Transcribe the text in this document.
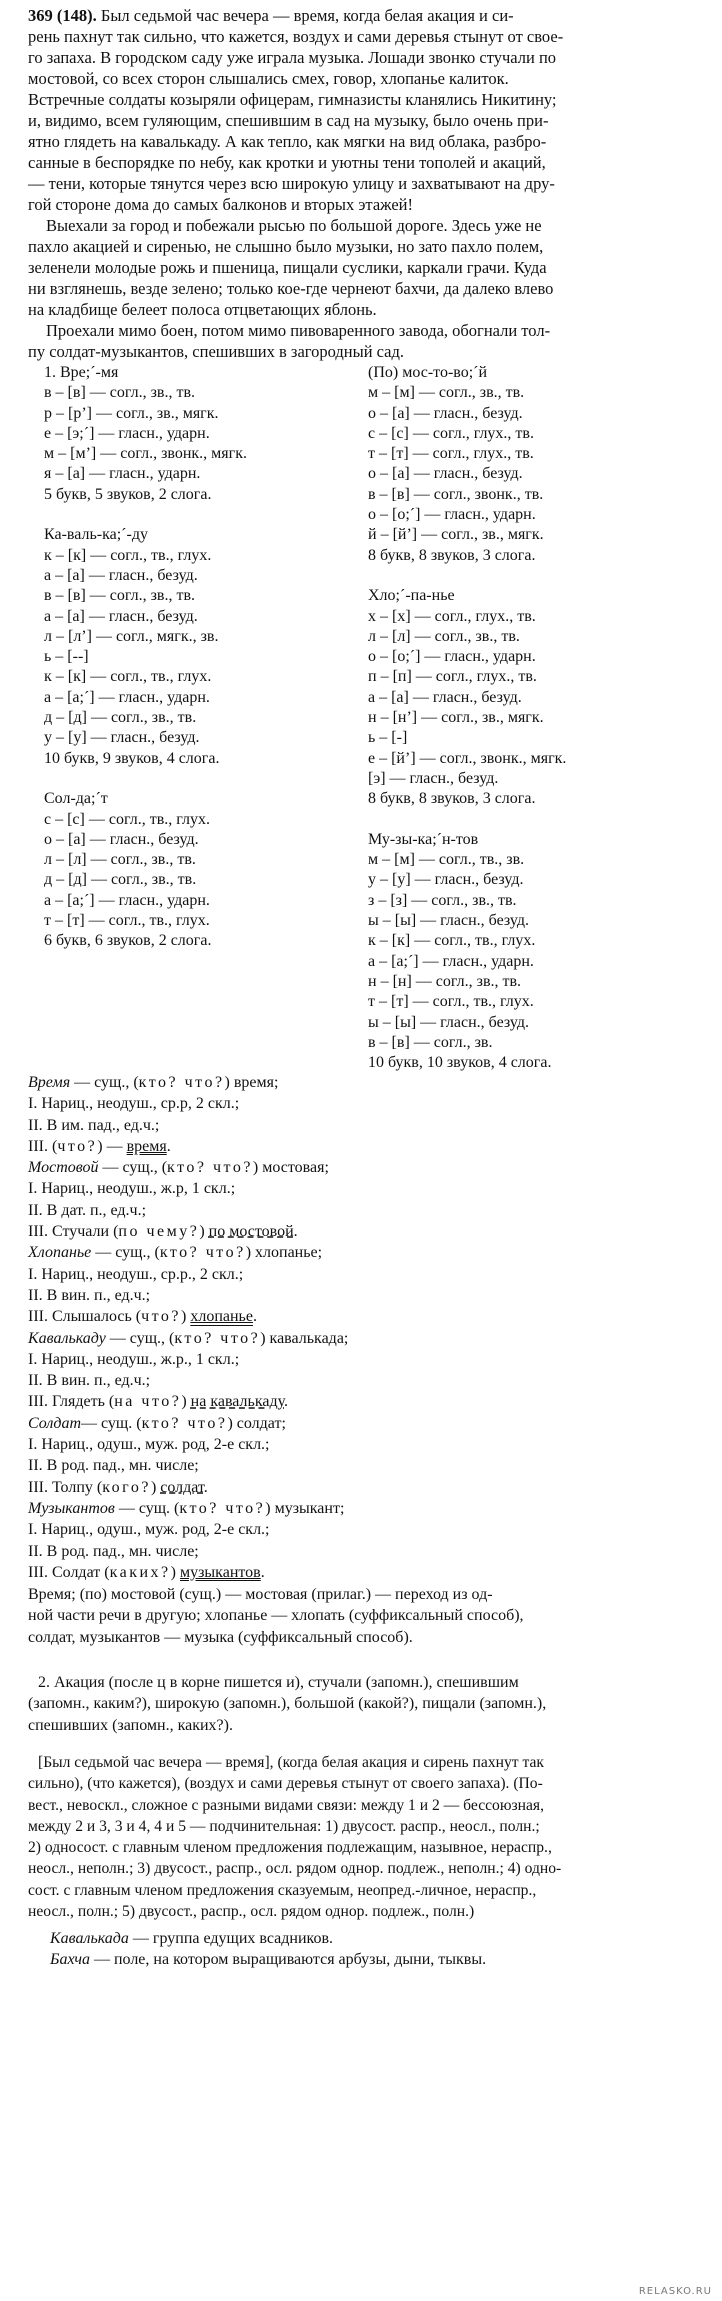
369 (148). Был седьмой час вечера — время, когда белая акация и си-
рень пахнут так сильно, что кажется, воздух и сами деревья стынут от свое-
го запаха. В городском саду уже играла музыка. Лошади звонко стучали по
мостовой, со всех сторон слышались смех, говор, хлопанье калиток.
Встречные солдаты козыряли офицерам, гимназисты кланялись Никитину;
и, видимо, всем гуляющим, спешившим в сад на музыку, было очень при-
ятно глядеть на кавалькаду. А как тепло, как мягки на вид облака, разбро-
санные в беспорядке по небу, как кротки и уютны тени тополей и акаций,
— тени, которые тянутся через всю широкую улицу и захватывают на дру-
гой стороне дома до самых балконов и вторых этажей!
Выехали за город и побежали рысью по большой дороге. Здесь уже не
пахло акацией и сиренью, не слышно было музыки, но зато пахло полем,
зеленели молодые рожь и пшеница, пищали суслики, каркали грачи. Куда
ни взглянешь, везде зелено; только кое-где чернеют бахчи, да далеко влево
на кладбище белеет полоса отцветающих яблонь.
Проехали мимо боен, потом мимо пивоваренного завода, обогнали тол-
пу солдат-музыкантов, спешивших в загородный сад.
1. Вре;´-мя
в – [в] — согл., зв., тв.
р – [р’] — согл., зв., мягк.
е – [э;´] — гласн., ударн.
м – [м’] — согл., звонк., мягк.
я – [а] — гласн., ударн.
5 букв, 5 звуков, 2 слога.

Ка-валь-ка;´-ду
к – [к] — согл., тв., глух.
а – [а] — гласн., безуд.
в – [в] — согл., зв., тв.
а – [а] — гласн., безуд.
л – [л’] — согл., мягк., зв.
ь – [--]
к – [к] — согл., тв., глух.
а – [а;´] — гласн., ударн.
д – [д] — согл., зв., тв.
у – [у] — гласн., безуд.
10 букв, 9 звуков, 4 слога.

Сол-да;´т
с – [с] — согл., тв., глух.
о – [а] — гласн., безуд.
л – [л] — согл., зв., тв.
д – [д] — согл., зв., тв.
а – [а;´] — гласн., ударн.
т – [т] — согл., тв., глух.
6 букв, 6 звуков, 2 слога.
(По) мос-то-во;´й
м – [м] — согл., зв., тв.
о – [а] — гласн., безуд.
с – [с] — согл., глух., тв.
т – [т] — согл., глух., тв.
о – [а] — гласн., безуд.
в – [в] — согл., звонк., тв.
о – [о;´] — гласн., ударн.
й – [й’] — согл., зв., мягк.
8 букв, 8 звуков, 3 слога.

Хло;´-па-нье
х – [х] — согл., глух., тв.
л – [л] — согл., зв., тв.
о – [о;´] — гласн., ударн.
п – [п] — согл., глух., тв.
а – [а] — гласн., безуд.
н – [н’] — согл., зв., мягк.
ь – [-]
е – [й’] — согл., звонк., мягк.
[э] — гласн., безуд.
8 букв, 8 звуков, 3 слога.

Му-зы-ка;´н-тов
м – [м] — согл., тв., зв.
у – [у] — гласн., безуд.
з – [з] — согл., зв., тв.
ы – [ы] — гласн., безуд.
к – [к] — согл., тв., глух.
а – [а;´] — гласн., ударн.
н – [н] — согл., зв., тв.
т – [т] — согл., тв., глух.
ы – [ы] — гласн., безуд.
в – [в] — согл., зв.
10 букв, 10 звуков, 4 слога.
Время — сущ., (кто? что?) время;
I. Нариц., неодуш., ср.р, 2 скл.;
II. В им. пад., ед.ч.;
III. (что?) — время.
Мостовой — сущ., (кто? что?) мостовая;
I. Нариц., неодуш., ж.р, 1 скл.;
II. В дат. п., ед.ч.;
III. Стучали (по чему?) по мостовой.
Хлопанье — сущ., (кто? что?) хлопанье;
I. Нариц., неодуш., ср.р., 2 скл.;
II. В вин. п., ед.ч.;
III. Слышалось (что?) хлопанье.
Кавалькаду — сущ., (кто? что?) кавалькада;
I. Нариц., неодуш., ж.р., 1 скл.;
II. В вин. п., ед.ч.;
III. Глядеть (на что?) на кавалькаду.
Солдат— сущ. (кто? что?) солдат;
I. Нариц., одуш., муж. род, 2-е скл.;
II. В род. пад., мн. числе;
III. Толпу (кого?) солдат.
Музыкантов — сущ. (кто? что?) музыкант;
I. Нариц., одуш., муж. род, 2-е скл.;
II. В род. пад., мн. числе;
III. Солдат (каких?) музыкантов.
Время; (по) мостовой (сущ.) — мостовая (прилаг.) — переход из од-
ной части речи в другую; хлопанье — хлопать (суффиксальный способ),
солдат, музыкантов — музыка (суффиксальный способ).
2. Акация (после ц в корне пишется и), стучали (запомн.), спешившим
(запомн., каким?), широкую (запомн.), большой (какой?), пищали (запомн.),
спешивших (запомн., каких?).
[Был седьмой час вечера — время], (когда белая акация и сирень пахнут так
сильно), (что кажется), (воздух и сами деревья стынут от своего запаха). (По-
вест., невоскл., сложное с разными видами связи: между 1 и 2 — бессоюзная,
между 2 и 3, 3 и 4, 4 и 5 — подчинительная: 1) двусост. распр., неосл., полн.;
2) односост. с главным членом предложения подлежащим, назывное, нераспр.,
неосл., неполн.; 3) двусост., распр., осл. рядом однор. подлеж., неполн.; 4) одно-
сост. с главным членом предложения сказуемым, неопред.-личное, нераспр.,
неосл., полн.; 5) двусост., распр., осл. рядом однор. подлеж., полн.)
Кавалькада — группа едущих всадников.
Бахча — поле, на котором выращиваются арбузы, дыни, тыквы.
RELASKO.RU
